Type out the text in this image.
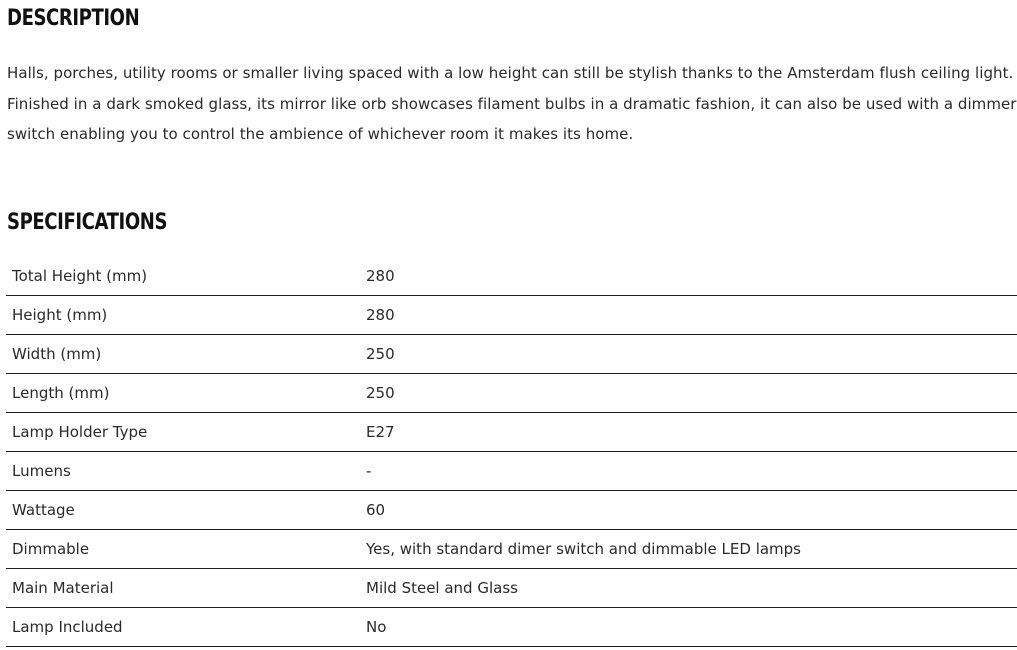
DESCRIPTION

Halls, porches, utility rooms or smaller living spaced with a low height can still be stylish thanks to the Amsterdam flush ceiling light. Finished in a dark smoked glass, its mirror like orb showcases filament bulbs in a dramatic fashion, it can also be used with a dimmer switch enabling you to control the ambience of whichever room it makes its home.

SPECIFICATIONS
Total Height (mm)	280
Height (mm)	280
Width (mm)	250
Length (mm)	250
Lamp Holder Type	E27
Lumens	-
Wattage	60
Dimmable	Yes, with standard dimer switch and dimmable LED lamps
Main Material	Mild Steel and Glass
Lamp Included	No
